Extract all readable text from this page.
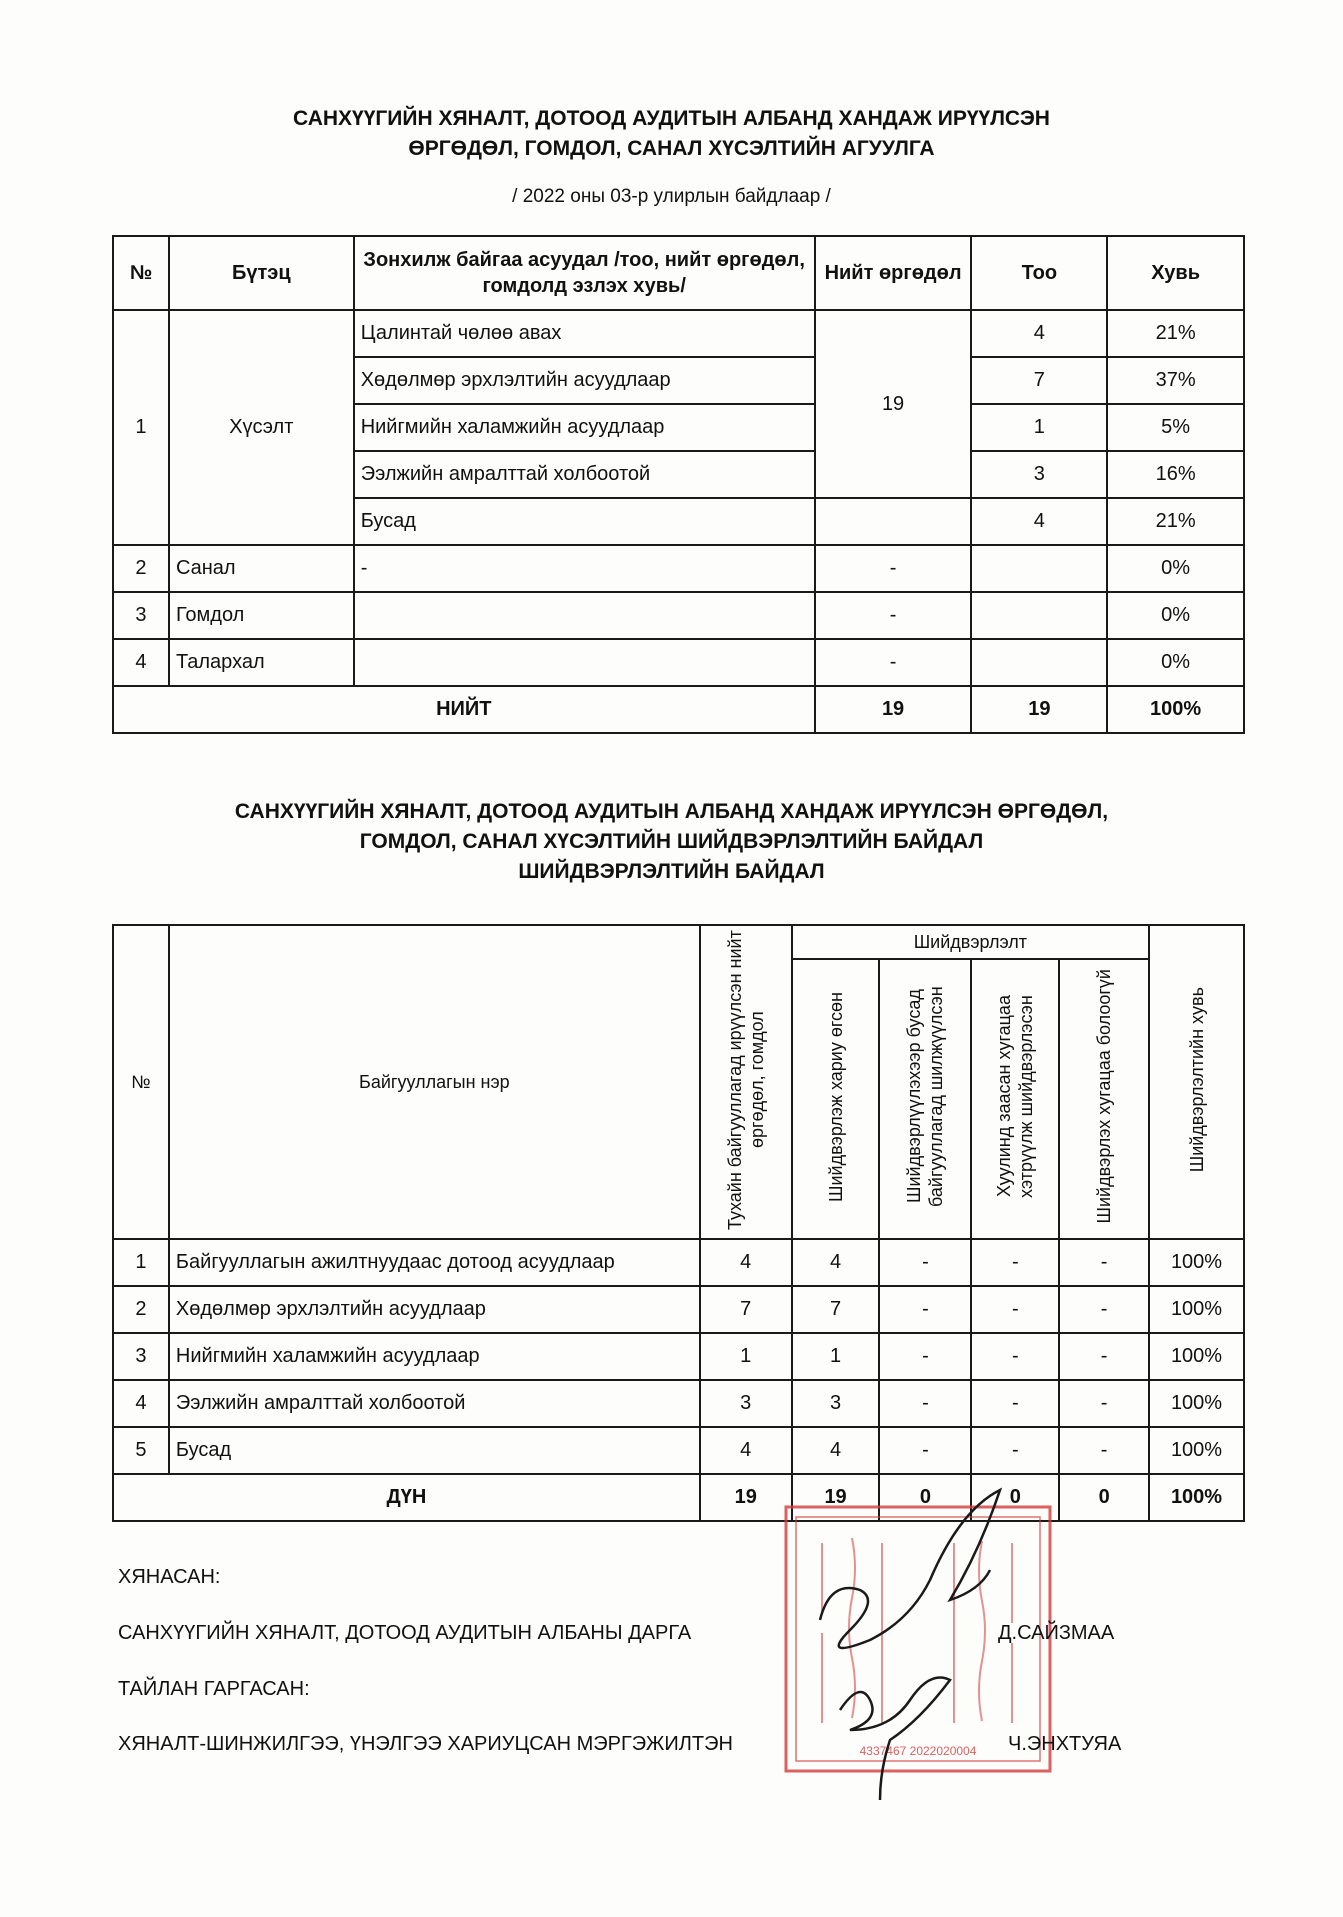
САНХҮҮГИЙН ХЯНАЛТ, ДОТООД АУДИТЫН АЛБАНД ХАНДАЖ ИРҮҮЛСЭН
ӨРГӨДӨЛ, ГОМДОЛ, САНАЛ ХҮСЭЛТИЙН АГУУЛГА
/ 2022 оны 03-р улирлын байдлаар /
№	Бүтэц	Зонхилж байгаа асуудал /тоо, нийт өргөдөл, гомдолд эзлэх хувь/	Нийт өргөдөл	Тоо	Хувь
1	Хүсэлт	Цалинтай чөлөө авах	19	4	21%
		Хөдөлмөр эрхлэлтийн асуудлаар		7	37%
		Нийгмийн халамжийн асуудлаар		1	5%
		Ээлжийн амралттай холбоотой		3	16%
		Бусад		4	21%
2	Санал	-	-		0%
3	Гомдол		-		0%
4	Талархал		-		0%
НИЙТ			19	19	100%
САНХҮҮГИЙН ХЯНАЛТ, ДОТООД АУДИТЫН АЛБАНД ХАНДАЖ ИРҮҮЛСЭН ӨРГӨДӨЛ,
ГОМДОЛ, САНАЛ ХҮСЭЛТИЙН ШИЙДВЭРЛЭЛТИЙН БАЙДАЛ
ШИЙДВЭРЛЭЛТИЙН БАЙДАЛ
№	Байгууллагын нэр	Тухайн байгууллагад ирүүлсэн нийт өргөдөл, гомдол	Шийдвэрлэлт				Шийдвэрлэлтийн хувь
			Шийдвэрлэж хариу өгсөн	Шийдвэрлүүлэхээр бусад байгууллагад шилжүүлсэн	Хуулинд заасан хугацаа хэтрүүлж шийдвэрлэсэн	Шийдвэрлэх хугацаа болоогүй	
1	Байгууллагын ажилтнуудаас дотоод асуудлаар	4	4	-	-	-	100%
2	Хөдөлмөр эрхлэлтийн асуудлаар	7	7	-	-	-	100%
3	Нийгмийн халамжийн асуудлаар	1	1	-	-	-	100%
4	Ээлжийн амралттай холбоотой	3	3	-	-	-	100%
5	Бусад	4	4	-	-	-	100%
ДҮН		19	19	0	0	0	100%
4337467 2022020004
ХЯНАСАН:
САНХҮҮГИЙН ХЯНАЛТ, ДОТООД АУДИТЫН АЛБАНЫ ДАРГА	Д.САЙЗМАА
ТАЙЛАН ГАРГАСАН:
ХЯНАЛТ-ШИНЖИЛГЭЭ, ҮНЭЛГЭЭ ХАРИУЦСАН МЭРГЭЖИЛТЭН	Ч.ЭНХТУЯА
